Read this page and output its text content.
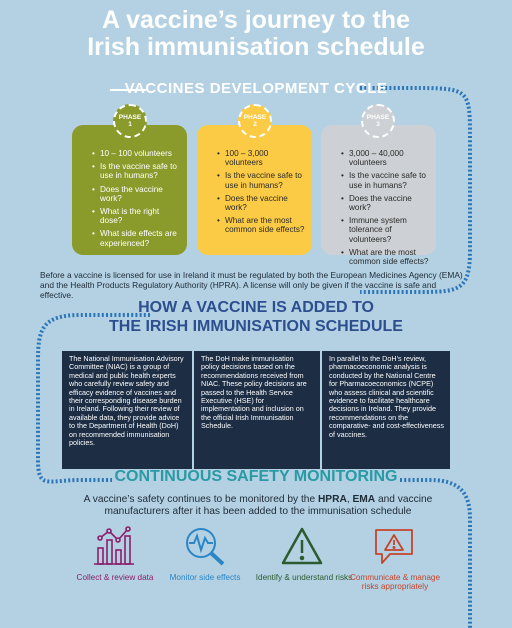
A vaccine’s journey to the
Irish immunisation schedule
VACCINES DEVELOPMENT CYCLE
• 10 – 100 volunteers
• Is the vaccine safe to use in humans?
• Does the vaccine work?
• What is the right dose?
• What side effects are experienced?
• 100 – 3,000 volunteers
• Is the vaccine safe to use in humans?
• Does the vaccine work?
• What are the most common side effects?
• 3,000 – 40,000 volunteers
• Is the vaccine safe to use in humans?
• Does the vaccine work?
• Immune system tolerance of volunteers?
• What are the most common side effects?
PHASE
1
PHASE
2
PHASE
3
Before a vaccine is licensed for use in Ireland it must be regulated by both the European Medicines Agency (EMA) and the Health Products Regulatory Authority (HPRA). A license will only be given if the vaccine is safe and effective.
HOW A VACCINE IS ADDED TO
THE IRISH IMMUNISATION SCHEDULE
The National Immunisation Advisory Committee (NIAC) is a group of medical and public health experts who carefully review safety and efficacy evidence of vaccines and their corresponding disease burden in Ireland. Following their review of available data, they provide advice to the Department of Health (DoH) on recommended immunisation policies.
The DoH make immunisation policy decisions based on the recommendations received from NIAC. These policy decisions are passed to the Health Service Executive (HSE) for implementation and inclusion on the official Irish Immunisation Schedule.
In parallel to the DoH’s review, pharmacoeconomic analysis is conducted by the National Centre for Pharmacoeconomics (NCPE) who assess clinical and scientific evidence to facilitate healthcare decisions in Ireland. They provide recommendations on the comparative- and cost-effectiveness of vaccines.
CONTINUOUS SAFETY MONITORING
A vaccine’s safety continues to be monitored by the HPRA, EMA and vaccine manufacturers after it has been added to the immunisation schedule
Collect & review data	Monitor side effects	Identify & understand risks
Communicate & manage risks appropriately
